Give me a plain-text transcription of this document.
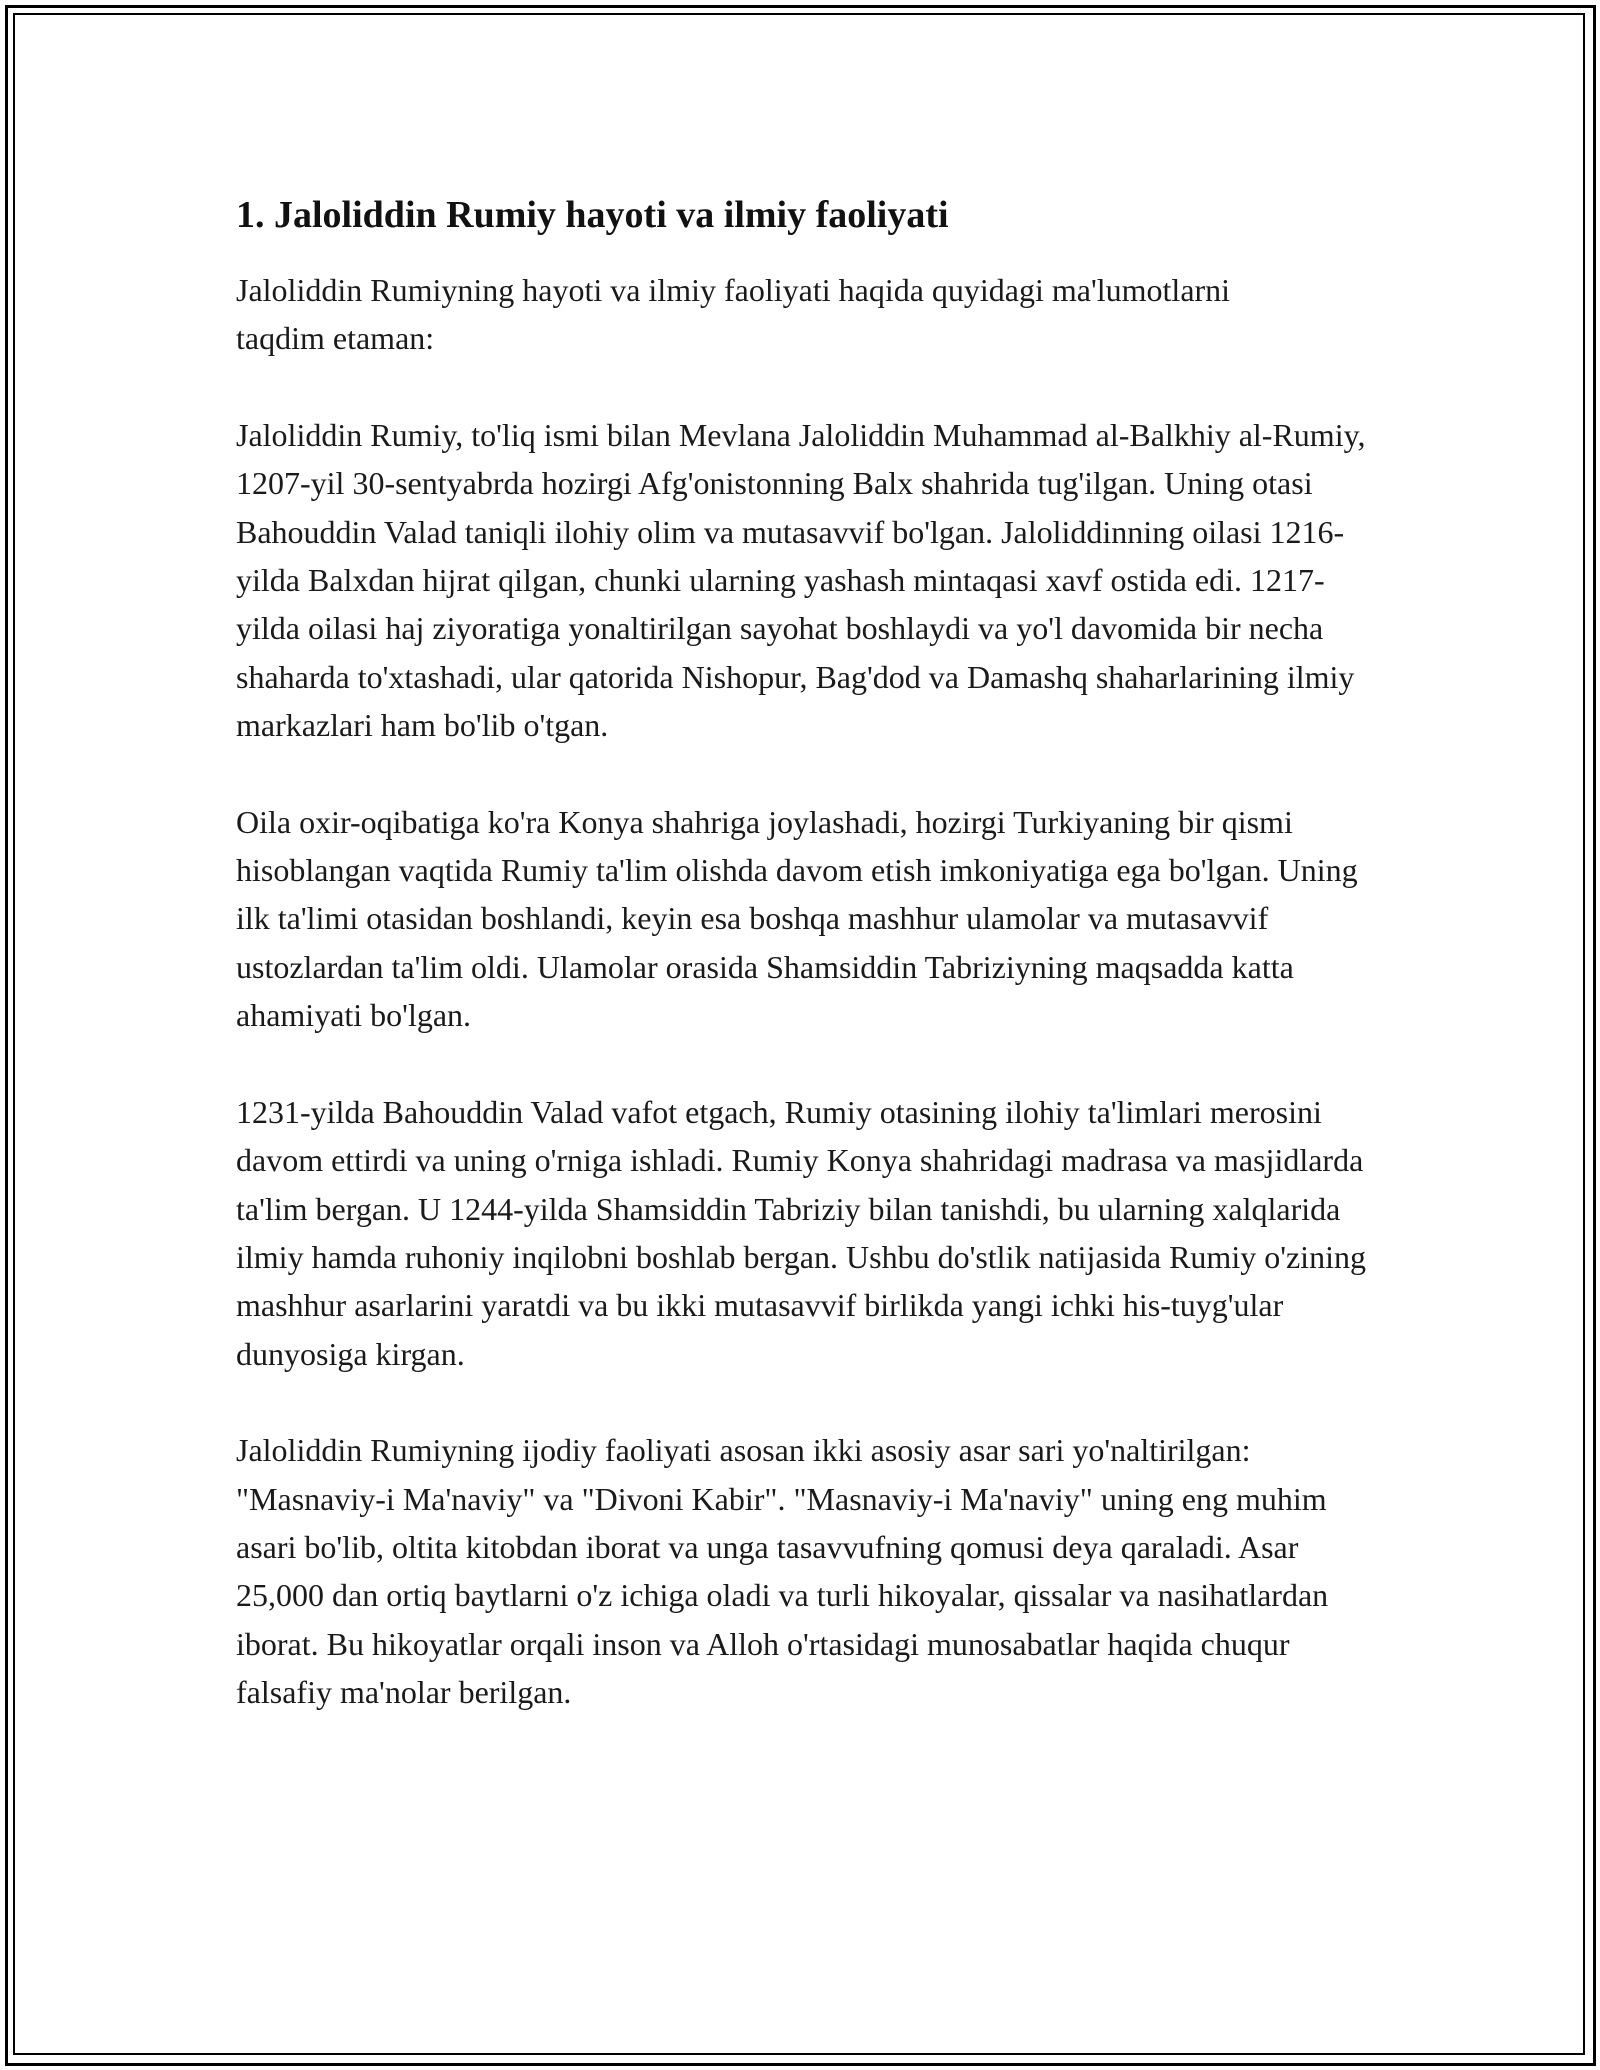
1. Jaloliddin Rumiy hayoti va ilmiy faoliyati

Jaloliddin Rumiyning hayoti va ilmiy faoliyati haqida quyidagi ma'lumotlarni taqdim etaman:

Jaloliddin Rumiy, to'liq ismi bilan Mevlana Jaloliddin Muhammad al-Balkhiy al-Rumiy, 1207-yil 30-sentyabrda hozirgi Afg'onistonning Balx shahrida tug'ilgan. Uning otasi Bahouddin Valad taniqli ilohiy olim va mutasavvif bo'lgan. Jaloliddinning oilasi 1216-yilda Balxdan hijrat qilgan, chunki ularning yashash mintaqasi xavf ostida edi. 1217-yilda oilasi haj ziyoratiga yonaltirilgan sayohat boshlaydi va yo'l davomida bir necha shaharda to'xtashadi, ular qatorida Nishopur, Bag'dod va Damashq shaharlarining ilmiy markazlari ham bo'lib o'tgan.

Oila oxir-oqibatiga ko'ra Konya shahriga joylashadi, hozirgi Turkiyaning bir qismi hisoblangan vaqtida Rumiy ta'lim olishda davom etish imkoniyatiga ega bo'lgan. Uning ilk ta'limi otasidan boshlandi, keyin esa boshqa mashhur ulamolar va mutasavvif ustozlardan ta'lim oldi. Ulamolar orasida Shamsiddin Tabriziyning maqsadda katta ahamiyati bo'lgan.

1231-yilda Bahouddin Valad vafot etgach, Rumiy otasining ilohiy ta'limlari merosini davom ettirdi va uning o'rniga ishladi. Rumiy Konya shahridagi madrasa va masjidlarda ta'lim bergan. U 1244-yilda Shamsiddin Tabriziy bilan tanishdi, bu ularning xalqlarida ilmiy hamda ruhoniy inqilobni boshlab bergan. Ushbu do'stlik natijasida Rumiy o'zining mashhur asarlarini yaratdi va bu ikki mutasavvif birlikda yangi ichki his-tuyg'ular dunyosiga kirgan.

Jaloliddin Rumiyning ijodiy faoliyati asosan ikki asosiy asar sari yo'naltirilgan: "Masnaviy-i Ma'naviy" va "Divoni Kabir". "Masnaviy-i Ma'naviy" uning eng muhim asari bo'lib, oltita kitobdan iborat va unga tasavvufning qomusi deya qaraladi. Asar 25,000 dan ortiq baytlarni o'z ichiga oladi va turli hikoyalar, qissalar va nasihatlardan iborat. Bu hikoyatlar orqali inson va Alloh o'rtasidagi munosabatlar haqida chuqur falsafiy ma'nolar berilgan.
